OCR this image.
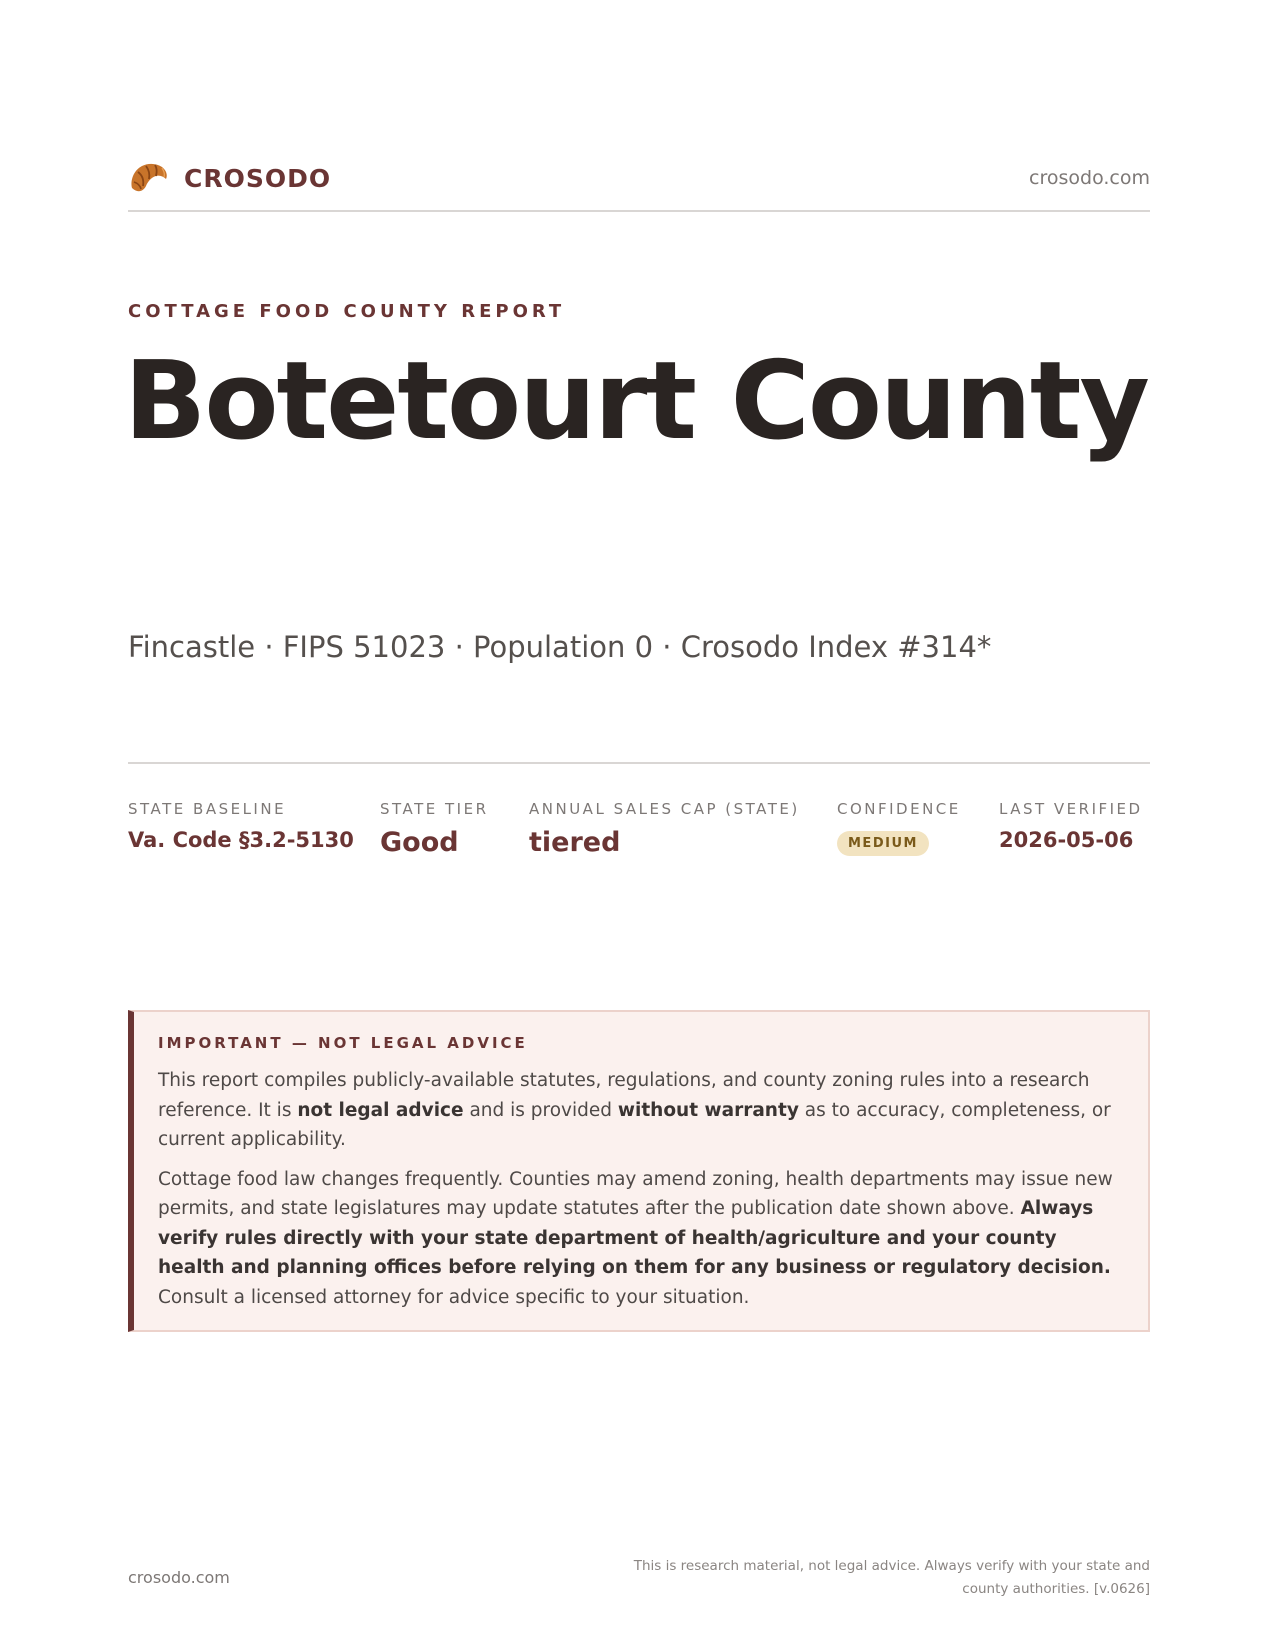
CROSODO	crosodo.com
COTTAGE FOOD COUNTY REPORT
Botetourt County
Fincastle · FIPS 51023 · Population 0 · Crosodo Index #314*
STATE BASELINE
Va. Code §3.2-5130
STATE TIER
Good
ANNUAL SALES CAP (STATE)
tiered
CONFIDENCE
MEDIUM
LAST VERIFIED
2026-05-06
IMPORTANT — NOT LEGAL ADVICE

This report compiles publicly-available statutes, regulations, and county zoning rules into a research reference. It is not legal advice and is provided without warranty as to accuracy, completeness, or current applicability.

Cottage food law changes frequently. Counties may amend zoning, health departments may issue new permits, and state legislatures may update statutes after the publication date shown above. Always verify rules directly with your state department of health/agriculture and your county health and planning offices before relying on them for any business or regulatory decision. Consult a licensed attorney for advice specific to your situation.

crosodo.com
This is research material, not legal advice. Always verify with your state and county authorities. [v.0626]
